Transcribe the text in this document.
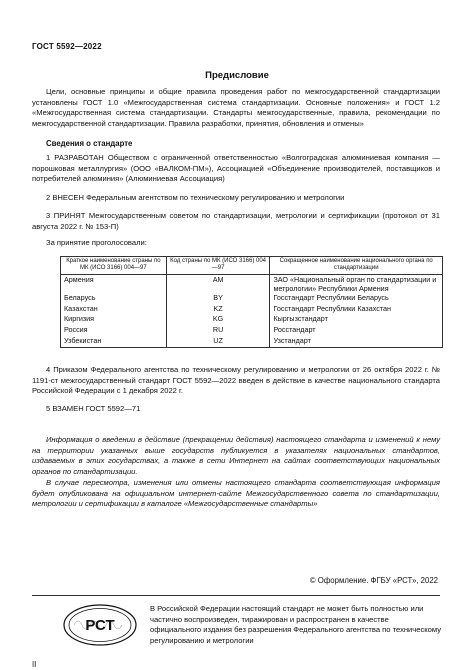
ГОСТ 5592—2022
Предисловие
Цели, основные принципы и общие правила проведения работ по межгосударственной стандартизации установлены ГОСТ 1.0 «Межгосударственная система стандартизации. Основные положения» и ГОСТ 1.2 «Межгосударственная система стандартизации. Стандарты межгосударственные, правила, рекомендации по межгосударственной стандартизации. Правила разработки, принятия, обновления и отмены»
Сведения о стандарте
1 РАЗРАБОТАН Обществом с ограниченной ответственностью «Волгоградская алюминиевая компания — порошковая металлургия» (ООО «ВАЛКОМ-ПМ»), Ассоциацией «Объединение производителей, поставщиков и потребителей алюминия» (Алюминиевая Ассоциация)
2 ВНЕСЕН Федеральным агентством по техническому регулированию и метрологии
3 ПРИНЯТ Межгосударственным советом по стандартизации, метрологии и сертификации (протокол от 31 августа 2022 г. № 153-П)
За принятие проголосовали:
Краткое наименование страны по МК (ИСО 3166) 004—97	Код страны по МК (ИСО 3166) 004—97	Сокращенное наименование национального органа по стандартизации
Армения	AM	ЗАО «Национальный орган по стандартизации и метрологии» Республики Армения
Беларусь	BY	Госстандарт Республики Беларусь
Казахстан	KZ	Госстандарт Республики Казахстан
Киргизия	KG	Кыргызстандарт
Россия	RU	Росстандарт
Узбекистан	UZ	Узстандарт
4 Приказом Федерального агентства по техническому регулированию и метрологии от 26 октября 2022 г. № 1191-ст межгосударственный стандарт ГОСТ 5592—2022 введен в действие в качестве национального стандарта Российской Федерации с 1 декабря 2022 г.
5 ВЗАМЕН ГОСТ 5592—71
Информация о введении в действие (прекращении действия) настоящего стандарта и изменений к нему на территории указанных выше государств публикуется в указателях национальных стандартов, издаваемых в этих государствах, а также в сети Интернет на сайтах соответствующих национальных органов по стандартизации.
В случае пересмотра, изменения или отмены настоящего стандарта соответствующая информация будет опубликована на официальном интернет-сайте Межгосударственного совета по стандартизации, метрологии и сертификации в каталоге «Межгосударственные стандарты»
© Оформление. ФГБУ «РСТ», 2022
РСТ
В Российской Федерации настоящий стандарт не может быть полностью или частично воспроизведен, тиражирован и распространен в качестве официального издания без разрешения Федерального агентства по техническому регулированию и метрологии
II
